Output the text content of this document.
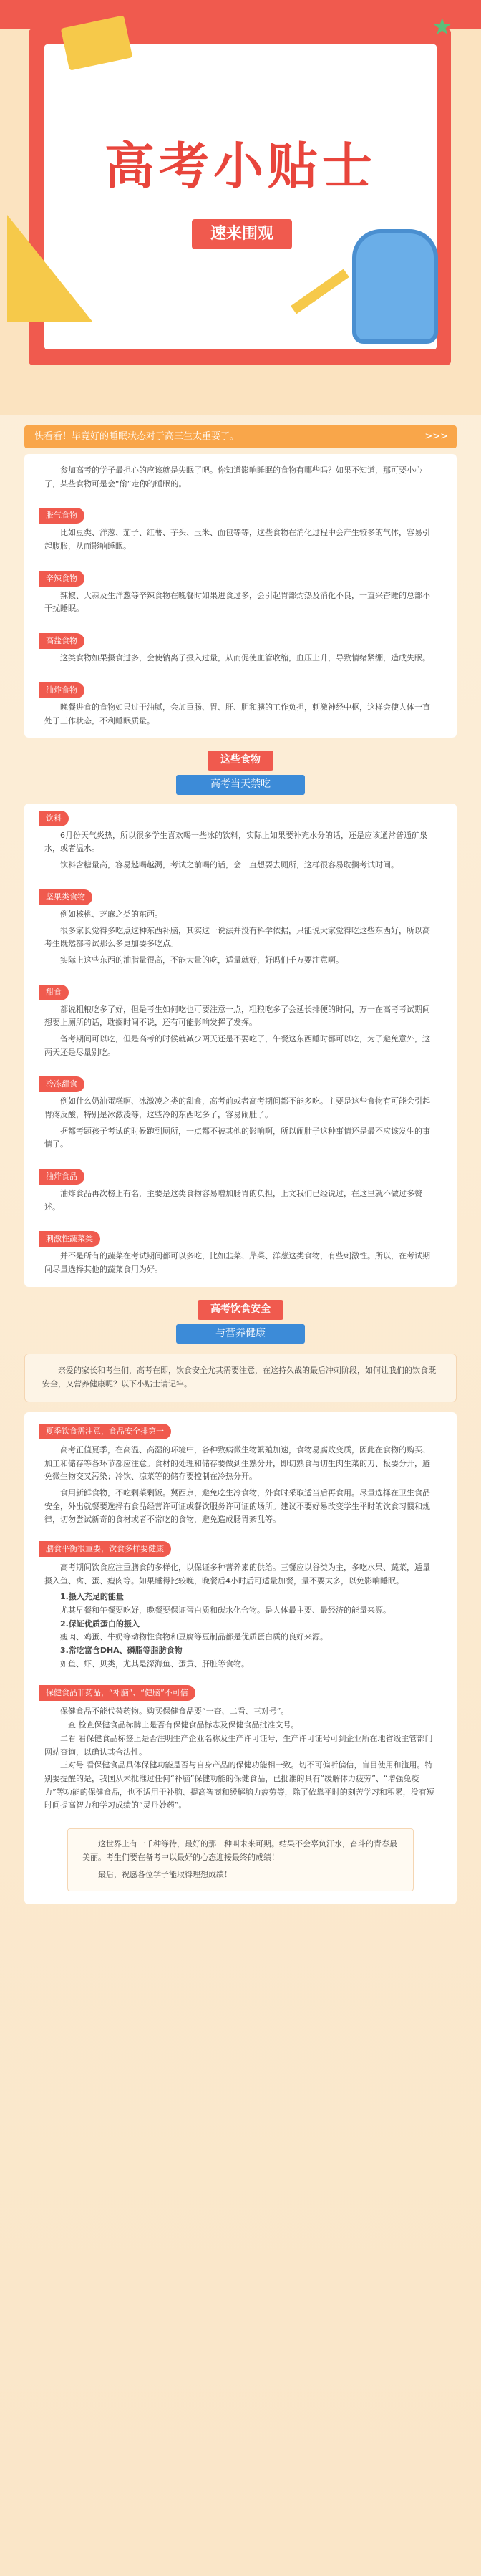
★
高考小贴士
速来围观
快看看！毕竟好的睡眠状态对于高三生太重要了。	>>>

参加高考的学子最担心的应该就是失眠了吧。你知道影响睡眠的食物有哪些吗？如果不知道，那可要小心了，某些食物可是会“偷”走你的睡眠的。

胀气食物

比如豆类、洋葱、茄子、红薯、芋头、玉米、面包等等，这些食物在消化过程中会产生较多的气体，容易引起腹胀，从而影响睡眠。

辛辣食物

辣椒、大蒜及生洋葱等辛辣食物在晚餐时如果进食过多，会引起胃部灼热及消化不良，一直兴奋睡的总部不干扰睡眠。

高盐食物

这类食物如果摄食过多，会使钠离子摄入过量，从而促使血管收缩，血压上升，导致情绪紧绷，造成失眠。

油炸食物

晚餐进食的食物如果过于油腻，会加重肠、胃、肝、胆和胰的工作负担，刺激神经中枢，这样会使人体一直处于工作状态，不利睡眠质量。

这些食物
高考当天禁吃
饮料

6月份天气炎热，所以很多学生喜欢喝一些冰的饮料，实际上如果要补充水分的话，还是应该通常普通矿泉水，或者温水。

饮料含糖量高，容易越喝越渴，考试之前喝的话，会一直想要去厕所，这样很容易耽搁考试时间。

坚果类食物

例如核桃、芝麻之类的东西。

很多家长觉得多吃点这种东西补脑，其实这一说法并没有科学依据，只能说大家觉得吃这些东西好，所以高考生既然都考试那么多更加要多吃点。

实际上这些东西的油脂量很高，不能大量的吃，适量就好，好吗们千万要注意啊。

甜食

都说粗粮吃多了好，但是考生如何吃也可要注意一点，粗粮吃多了会延长排便的时间，万一在高考考试期间想要上厕所的话，耽搁时间不说，还有可能影响发挥了发挥。

备考期间可以吃，但是高考的时候就减少两天还是不要吃了，午餐这东西睡时都可以吃，为了避免意外，这两天还是尽量别吃。

冷冻甜食

例如什么奶油蛋糕啊、冰激凌之类的甜食，高考前或者高考期间都不能多吃。主要是这些食物有可能会引起胃疼反酸，特别是冰激凌等，这些冷的东西吃多了，容易闹肚子。

据都考题孩子考试的时候跑到厕所，一点都不被其他的影响啊，所以闹肚子这种事情还是最不应该发生的事情了。

油炸食品

油炸食品再次榜上有名，主要是这类食物容易增加肠胃的负担，上文我们已经说过，在这里就不做过多赘述。

刺激性蔬菜类

并不是所有的蔬菜在考试期间都可以多吃，比如韭菜、芹菜、洋葱这类食物，有些刺激性。所以，在考试期间尽量选择其他的蔬菜食用为好。

高考饮食安全
与营养健康

亲爱的家长和考生们，高考在即，饮食安全尤其需要注意，在这持久战的最后冲刺阶段，如何让我们的饮食既安全，又营养健康呢？以下小贴士请记牢。

夏季饮食需注意，食品安全排第一

高考正值夏季，在高温、高湿的环境中，各种致病微生物繁殖加速，食物易腐败变质，因此在食物的购买、加工和储存等各环节都应注意。食材的处理和储存要做到生熟分开，即切熟食与切生肉生菜的刀、板要分开，避免微生物交叉污染；冷饮、凉菜等的储存要控制在冷热分开。

食用新鲜食物，不吃剩菜剩饭。冀西京，避免吃生冷食物，外食时采取适当后再食用。尽量选择在卫生食品安全，外出就餐要选择有食品经营许可证或餐饮服务许可证的场所。建议不要好易改变学生平时的饮食习惯和规律，切勿尝试新奇的食材或者不常吃的食物，避免造成肠胃紊乱等。

膳食平衡很重要，饮食多样要健康

高考期间饮食应注重膳食的多样化，以保证多种营养素的供给。三餐应以谷类为主，多吃水果、蔬菜，适量摄入鱼、禽、蛋、瘦肉等。如果睡得比较晚，晚餐后4小时后可适量加餐，量不要太多，以免影响睡眠。

1.摄入充足的能量
尤其早餐和午餐要吃好，晚餐要保证蛋白质和碳水化合物。是人体最主要、最经济的能量来源。
2.保证优质蛋白的摄入
瘦肉、鸡蛋、牛奶等动物性食物和豆腐等豆制品都是优质蛋白质的良好来源。
3.常吃富含DHA、磷脂等脂肪食物
如鱼、虾、贝类，尤其是深海鱼、蛋黄、肝脏等食物。
保健食品非药品，“补脑”、“健脑”不可信

保健食品不能代替药物。购买保健食品要“一查、二看、三对号”。

一查 检查保健食品标牌上是否有保健食品标志及保健食品批准文号。

二看 看保健食品标签上是否注明生产企业名称及生产许可证号，生产许可证号可到企业所在地省级主管部门网站查询，以确认其合法性。

三对号 看保健食品具体保健功能是否与自身产品的保健功能相一致。切不可偏听偏信，盲目使用和滥用。特别要提醒的是，我国从未批准过任何“补脑”保健功能的保健食品，已批准的具有“缓解体力疲劳”、“增强免疫力”等功能的保健食品，也不适用于补脑、提高智商和缓解脑力疲劳等，除了依靠平时的刻苦学习和积累，没有短时间提高智力和学习成绩的“灵丹妙药”。

这世界上有一千种等待，最好的那一种叫未来可期。结果不会辜负汗水，奋斗的青春最美丽。考生们要在备考中以最好的心态迎接最终的成绩！

最后，祝愿各位学子能取得理想成绩！
